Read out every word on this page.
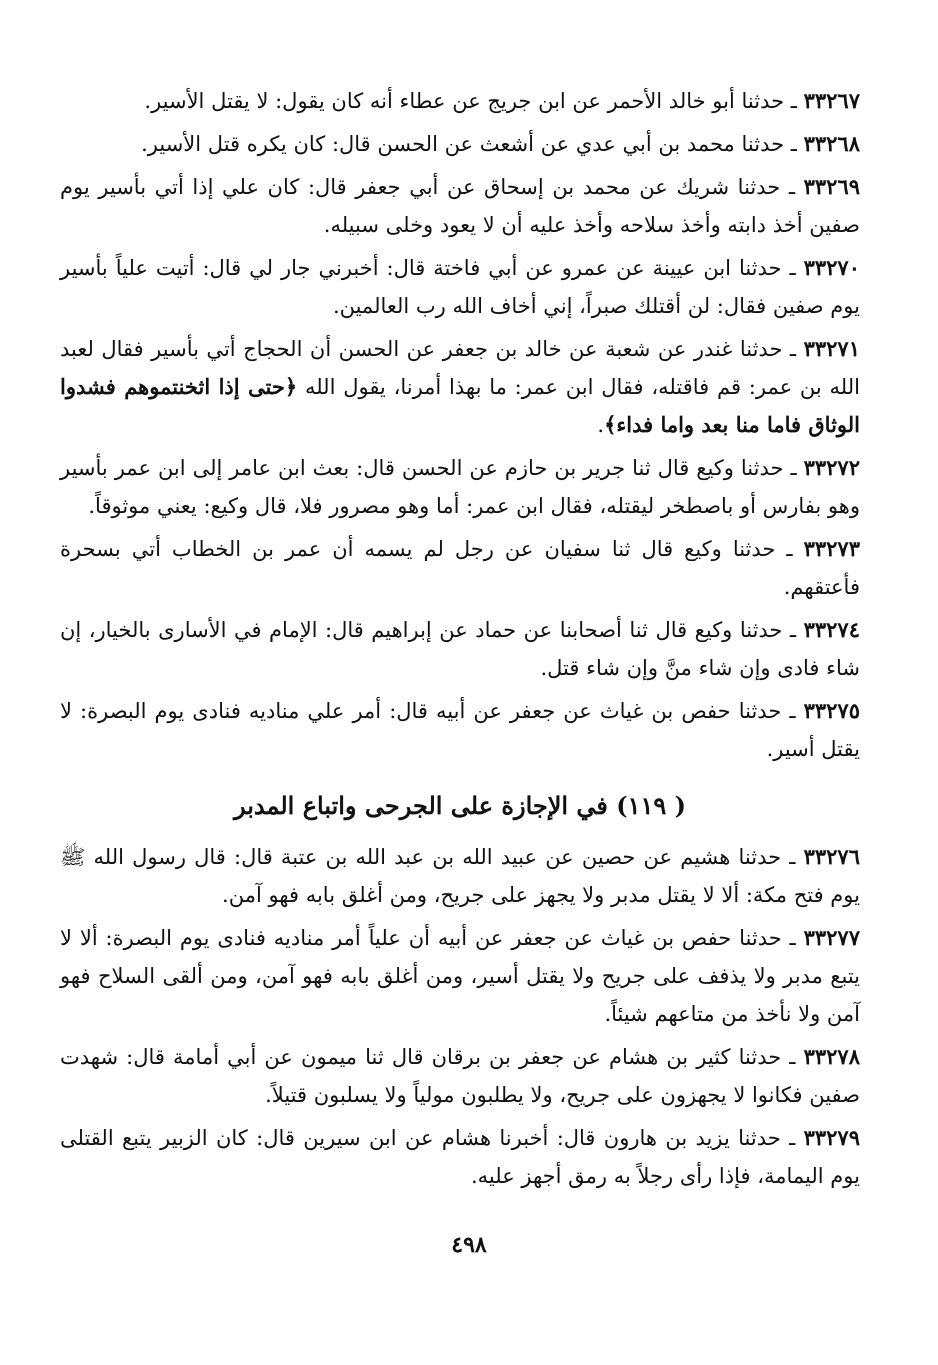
٣٣٢٦٧ ـ حدثنا أبو خالد الأحمر عن ابن جريج عن عطاء أنه كان يقول: لا يقتل الأسير.

٣٣٢٦٨ ـ حدثنا محمد بن أبي عدي عن أشعث عن الحسن قال: كان يكره قتل الأسير.

٣٣٢٦٩ ـ حدثنا شريك عن محمد بن إسحاق عن أبي جعفر قال: كان علي إذا أتي بأسير يوم صفين أخذ دابته وأخذ سلاحه وأخذ عليه أن لا يعود وخلى سبيله.

٣٣٢٧٠ ـ حدثنا ابن عيينة عن عمرو عن أبي فاختة قال: أخبرني جار لي قال: أتيت علياً بأسير يوم صفين فقال: لن أقتلك صبراً، إني أخاف الله رب العالمين.

٣٣٢٧١ ـ حدثنا غندر عن شعبة عن خالد بن جعفر عن الحسن أن الحجاج أتي بأسير فقال لعبد الله بن عمر: قم فاقتله، فقال ابن عمر: ما بهذا أمرنا، يقول الله ﴿حتى إذا اثخنتموهم فشدوا الوثاق فاما منا بعد واما فداء﴾.

٣٣٢٧٢ ـ حدثنا وكيع قال ثنا جرير بن حازم عن الحسن قال: بعث ابن عامر إلى ابن عمر بأسير وهو بفارس أو باصطخر ليقتله، فقال ابن عمر: أما وهو مصرور فلا، قال وكيع: يعني موثوقاً.

٣٣٢٧٣ ـ حدثنا وكيع قال ثنا سفيان عن رجل لم يسمه أن عمر بن الخطاب أتي بسحرة فأعتقهم.

٣٣٢٧٤ ـ حدثنا وكيع قال ثنا أصحابنا عن حماد عن إبراهيم قال: الإمام في الأسارى بالخيار، إن شاء فادى وإن شاء منَّ وإن شاء قتل.

٣٣٢٧٥ ـ حدثنا حفص بن غياث عن جعفر عن أبيه قال: أمر علي مناديه فنادى يوم البصرة: لا يقتل أسير.

( ١١٩) في الإجازة على الجرحى واتباع المدبر

٣٣٢٧٦ ـ حدثنا هشيم عن حصين عن عبيد الله بن عبد الله بن عتبة قال: قال رسول الله ﷺ يوم فتح مكة: ألا لا يقتل مدبر ولا يجهز على جريح، ومن أغلق بابه فهو آمن.

٣٣٢٧٧ ـ حدثنا حفص بن غياث عن جعفر عن أبيه أن علياً أمر مناديه فنادى يوم البصرة: ألا لا يتبع مدبر ولا يذفف على جريح ولا يقتل أسير، ومن أغلق بابه فهو آمن، ومن ألقى السلاح فهو آمن ولا نأخذ من متاعهم شيئاً.

٣٣٢٧٨ ـ حدثنا كثير بن هشام عن جعفر بن برقان قال ثنا ميمون عن أبي أمامة قال: شهدت صفين فكانوا لا يجهزون على جريح، ولا يطلبون مولياً ولا يسلبون قتيلاً.

٣٣٢٧٩ ـ حدثنا يزيد بن هارون قال: أخبرنا هشام عن ابن سيرين قال: كان الزبير يتبع القتلى يوم اليمامة، فإذا رأى رجلاً به رمق أجهز عليه.

٤٩٨
